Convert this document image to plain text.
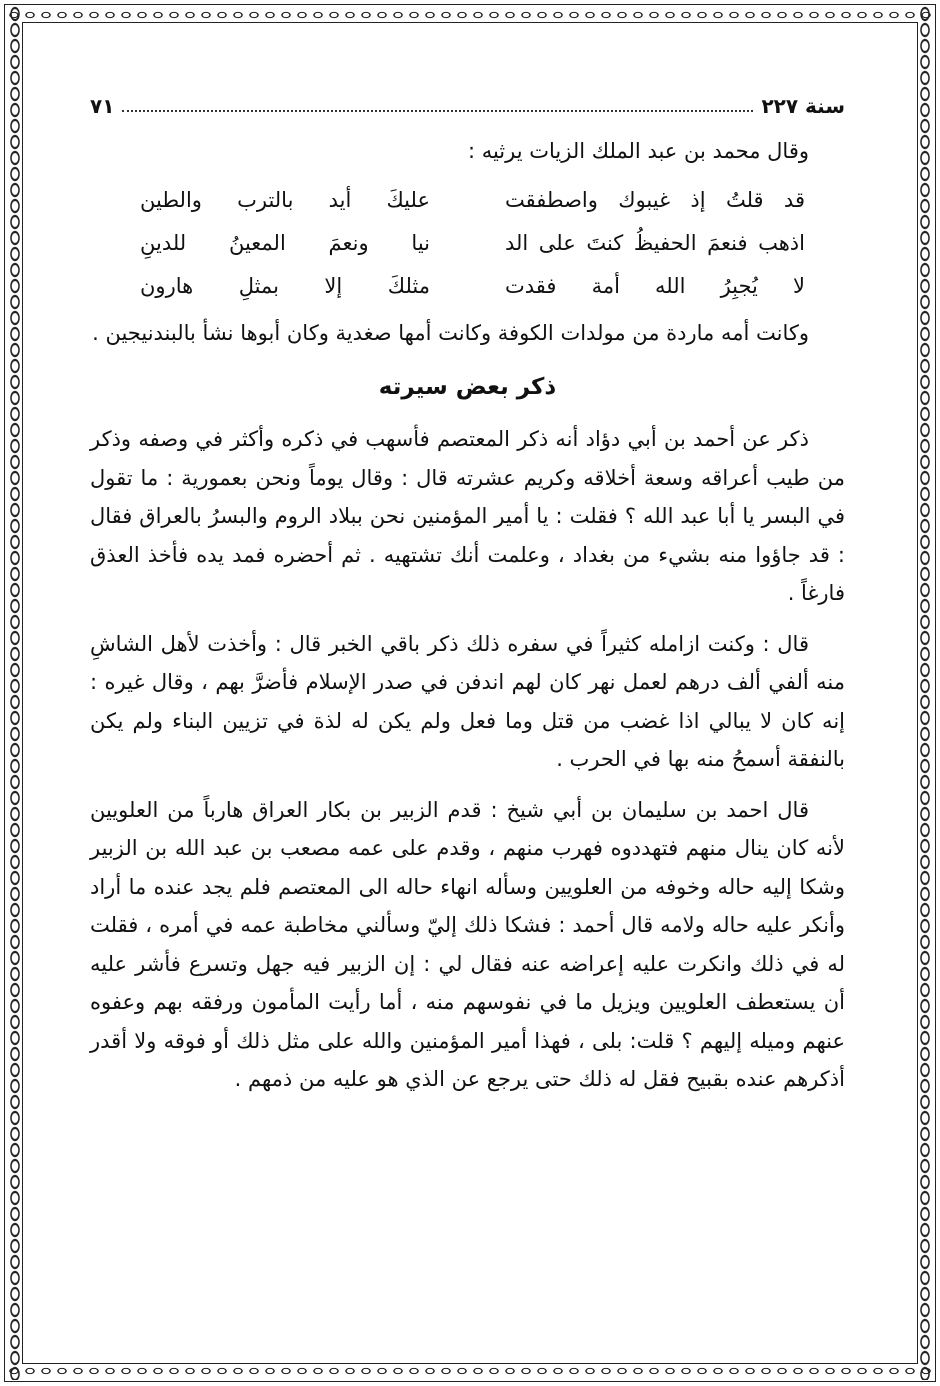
سنة ٢٢٧
٧١

وقال محمد بن عبد الملك الزيات يرثيه :

قد قلتُ إذ غيبوك واصطفقت
عليكَ أيد بالترب والطين
اذهب فنعمَ الحفيظُ كنتَ على الد
نيا ونعمَ المعينُ للدينِ
لا يُجبِرُ الله أمة فقدت
مثلكَ إلا بمثلِ هارون

وكانت أمه ماردة من مولدات الكوفة وكانت أمها صغدية وكان أبوها نشأ بالبندنيجين .

ذكر بعض سيرته

ذكر عن أحمد بن أبي دؤاد أنه ذكر المعتصم فأسهب في ذكره وأكثر في وصفه وذكر من طيب أعراقه وسعة أخلاقه وكريم عشرته قال : وقال يوماً ونحن بعمورية : ما تقول في البسر يا أبا عبد الله ؟ فقلت : يا أمير المؤمنين نحن ببلاد الروم والبسرُ بالعراق فقال : قد جاؤوا منه بشيء من بغداد ، وعلمت أنك تشتهيه . ثم أحضره فمد يده فأخذ العذق فارغاً .

قال : وكنت ازامله كثيراً في سفره ذلك ذكر باقي الخبر قال : وأخذت لأهل الشاشِ منه ألفي ألف درهم لعمل نهر كان لهم اندفن في صدر الإسلام فأضرَّ بهم ، وقال غيره : إنه كان لا يبالي اذا غضب من قتل وما فعل ولم يكن له لذة في تزيين البناء ولم يكن بالنفقة أسمحُ منه بها في الحرب .

قال احمد بن سليمان بن أبي شيخ : قدم الزبير بن بكار العراق هارباً من العلويين لأنه كان ينال منهم فتهددوه فهرب منهم ، وقدم على عمه مصعب بن عبد الله بن الزبير وشكا إليه حاله وخوفه من العلويين وسأله انهاء حاله الى المعتصم فلم يجد عنده ما أراد وأنكر عليه حاله ولامه قال أحمد : فشكا ذلك إليّ وسألني مخاطبة عمه في أمره ، فقلت له في ذلك وانكرت عليه إعراضه عنه فقال لي : إن الزبير فيه جهل وتسرع فأشر عليه أن يستعطف العلويين ويزيل ما في نفوسهم منه ، أما رأيت المأمون ورفقه بهم وعفوه عنهم وميله إليهم ؟ قلت: بلى ، فهذا أمير المؤمنين والله على مثل ذلك أو فوقه ولا أقدر أذكرهم عنده بقبيح فقل له ذلك حتى يرجع عن الذي هو عليه من ذمهم .
